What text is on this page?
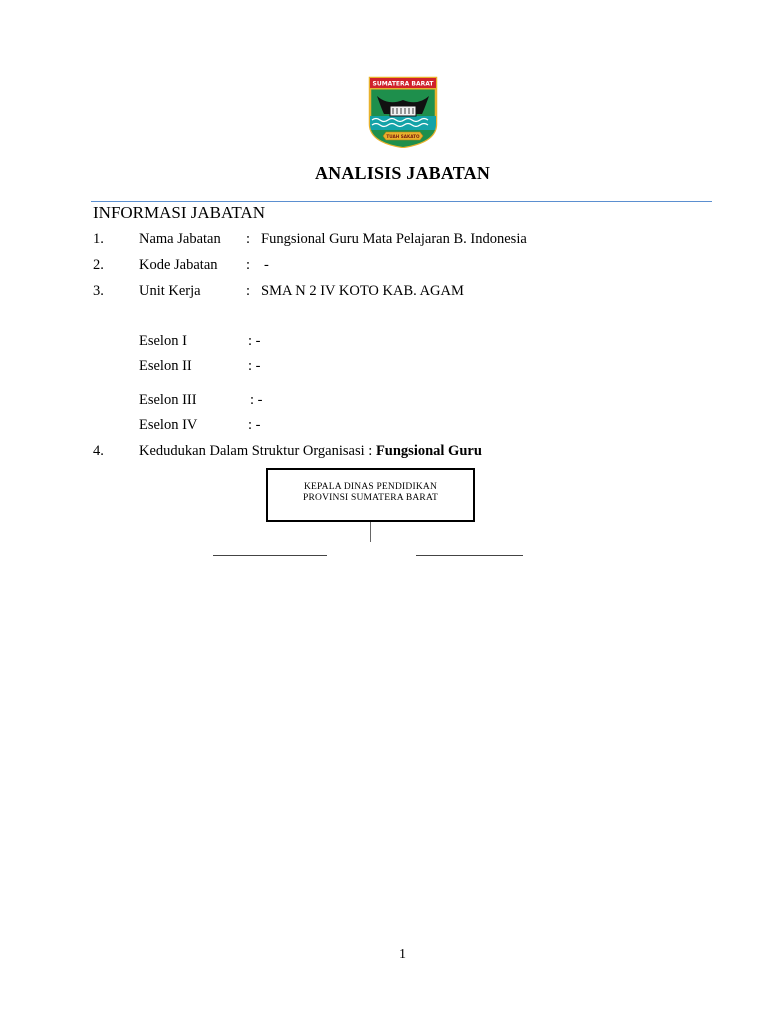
SUMATERA BARAT
TUAH SAKATO
ANALISIS JABATAN
INFORMASI JABATAN
1. Nama Jabatan : Fungsional Guru Mata Pelajaran B. Indonesia
2. Kode Jabatan : -
3. Unit Kerja	: SMA N 2 IV KOTO KAB. AGAM
Eselon I	: -
Eselon II	: -
Eselon III	: -
Eselon IV	: -
4. Kedudukan Dalam Struktur Organisasi : Fungsional Guru
KEPALA DINAS PENDIDIKAN
PROVINSI SUMATERA BARAT
1
